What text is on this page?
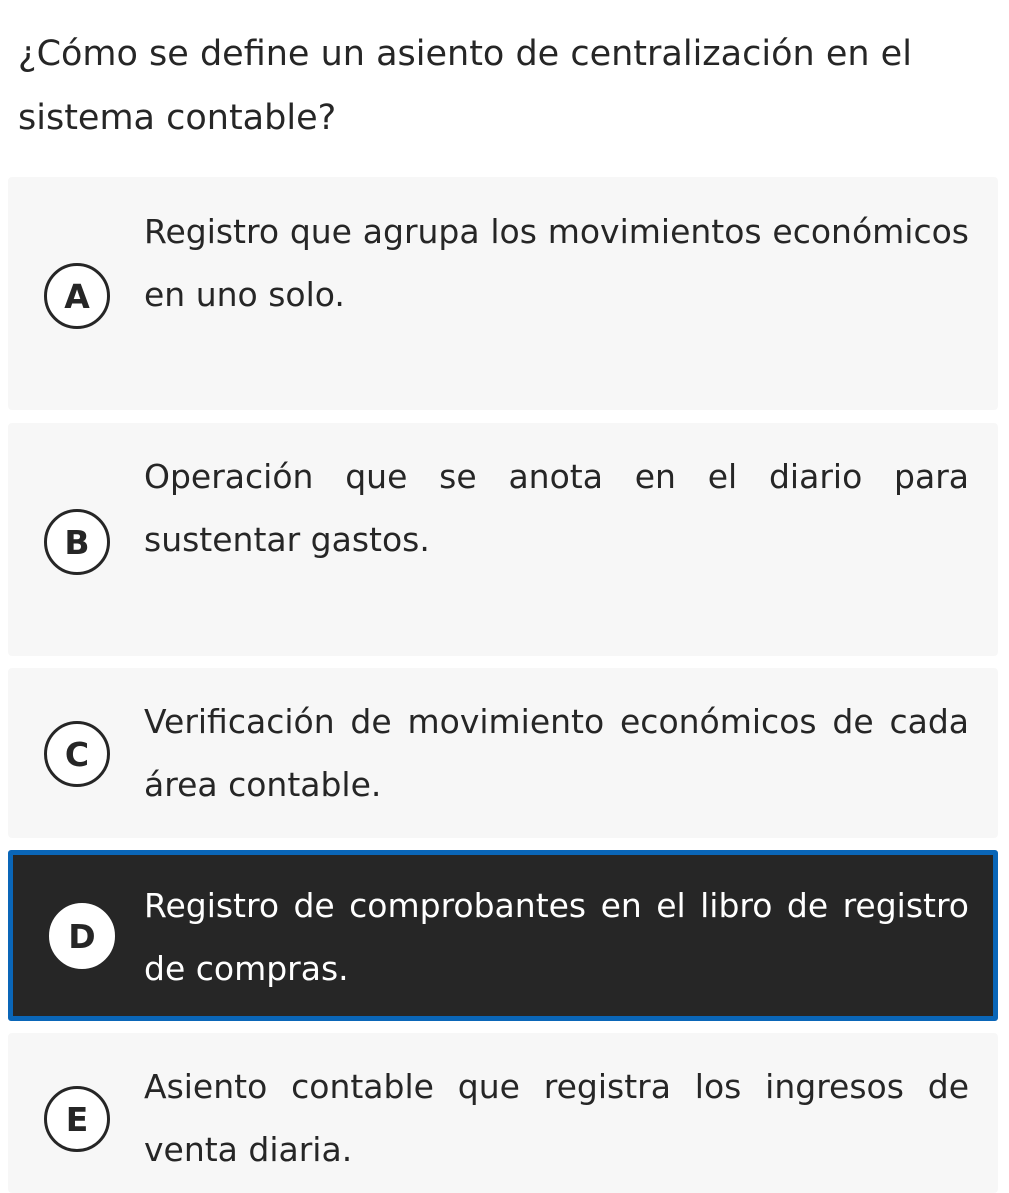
¿Cómo se define un asiento de centralización en el sistema contable?
A
Registro que agrupa los movimientos económicos en uno solo.
B
Operación que se anota en el diario para sustentar gastos.
C
Verificación de movimiento económicos de cada área contable.
D
Registro de comprobantes en el libro de registro de compras.
E
Asiento contable que registra los ingresos de venta diaria.
